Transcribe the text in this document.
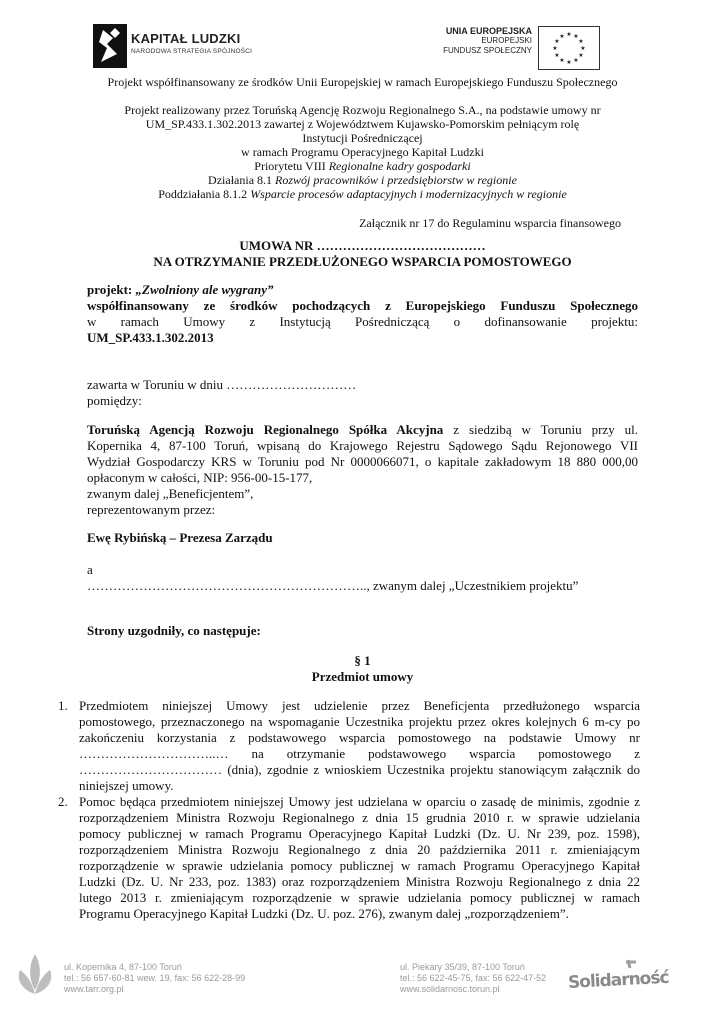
KAPITAŁ LUDZKI
NARODOWA STRATEGIA SPÓJNOŚCI
UNIA EUROPEJSKA
EUROPEJSKI
FUNDUSZ SPOŁECZNY
★ ★
★
★
★
★
★
★
★
★
★
★
Projekt współfinansowany ze środków Unii Europejskiej w ramach Europejskiego Funduszu Społecznego
Projekt realizowany przez Toruńską Agencję Rozwoju Regionalnego S.A., na podstawie umowy nr
UM_SP.433.1.302.2013 zawartej z Województwem Kujawsko-Pomorskim pełniącym rolę
Instytucji Pośredniczącej
w ramach Programu Operacyjnego Kapitał Ludzki
Priorytetu VIII Regionalne kadry gospodarki
Działania 8.1 Rozwój pracowników i przedsiębiorstw w regionie
Poddziałania 8.1.2 Wsparcie procesów adaptacyjnych i modernizacyjnych w regionie
Załącznik nr 17 do Regulaminu wsparcia finansowego
UMOWA NR …………………………………
NA OTRZYMANIE PRZEDŁUŻONEGO WSPARCIA POMOSTOWEGO
projekt: „Zwolniony ale wygrany”
współfinansowany ze środków pochodzących z Europejskiego Funduszu Społecznego
w ramach Umowy z Instytucją Pośredniczącą o dofinansowanie projektu:
UM_SP.433.1.302.2013
zawarta w Toruniu w dniu …………………………
pomiędzy:
Toruńską Agencją Rozwoju Regionalnego Spółka Akcyjna z siedzibą w Toruniu przy ul.
Kopernika 4, 87-100 Toruń, wpisaną do Krajowego Rejestru Sądowego Sądu Rejonowego VII
Wydział Gospodarczy KRS w Toruniu pod Nr 0000066071, o kapitale zakładowym 18 880 000,00
opłaconym w całości, NIP: 956-00-15-177,
zwanym dalej „Beneficjentem”,
reprezentowanym przez:
Ewę Rybińską – Prezesa Zarządu
a
……………………………………………………….., zwanym dalej „Uczestnikiem projektu”
Strony uzgodniły, co następuje:
§ 1
Przedmiot umowy
1. Przedmiotem niniejszej Umowy jest udzielenie przez Beneficjenta przedłużonego wsparcia
pomostowego, przeznaczonego na wspomaganie Uczestnika projektu przez okres kolejnych 6 m-cy po
zakończeniu korzystania z podstawowego wsparcia pomostowego na podstawie Umowy nr
…………………………..…      na      otrzymanie      podstawowego      wsparcia      pomostowego      z
…………………………… (dnia), zgodnie z wnioskiem Uczestnika projektu stanowiącym załącznik do
niniejszej umowy.
2. Pomoc będąca przedmiotem niniejszej Umowy jest udzielana w oparciu o zasadę de minimis, zgodnie z
rozporządzeniem Ministra Rozwoju Regionalnego z dnia 15 grudnia 2010 r. w sprawie udzielania
pomocy publicznej w ramach Programu Operacyjnego Kapitał Ludzki (Dz. U. Nr 239, poz. 1598),
rozporządzeniem Ministra Rozwoju Regionalnego z dnia 20 października 2011 r. zmieniającym
rozporządzenie w sprawie udzielania pomocy publicznej w ramach Programu Operacyjnego Kapitał
Ludzki (Dz. U. Nr 233, poz. 1383) oraz rozporządzeniem Ministra Rozwoju Regionalnego z dnia 22
lutego 2013 r. zmieniającym rozporządzenie w sprawie udzielania pomocy publicznej w ramach
Programu Operacyjnego Kapitał Ludzki (Dz. U. poz. 276), zwanym dalej „rozporządzeniem”.
ul. Kopernika 4, 87-100 Toruń
tel.: 56 657-60-81 wew. 19, fax: 56 622-28-99
www.tarr.org.pl
ul. Piekary 35/39, 87-100 Toruń
tel.: 56 622-45-75, fax: 56 622-47-52
www.solidarnosc.torun.pl	Solidarność
